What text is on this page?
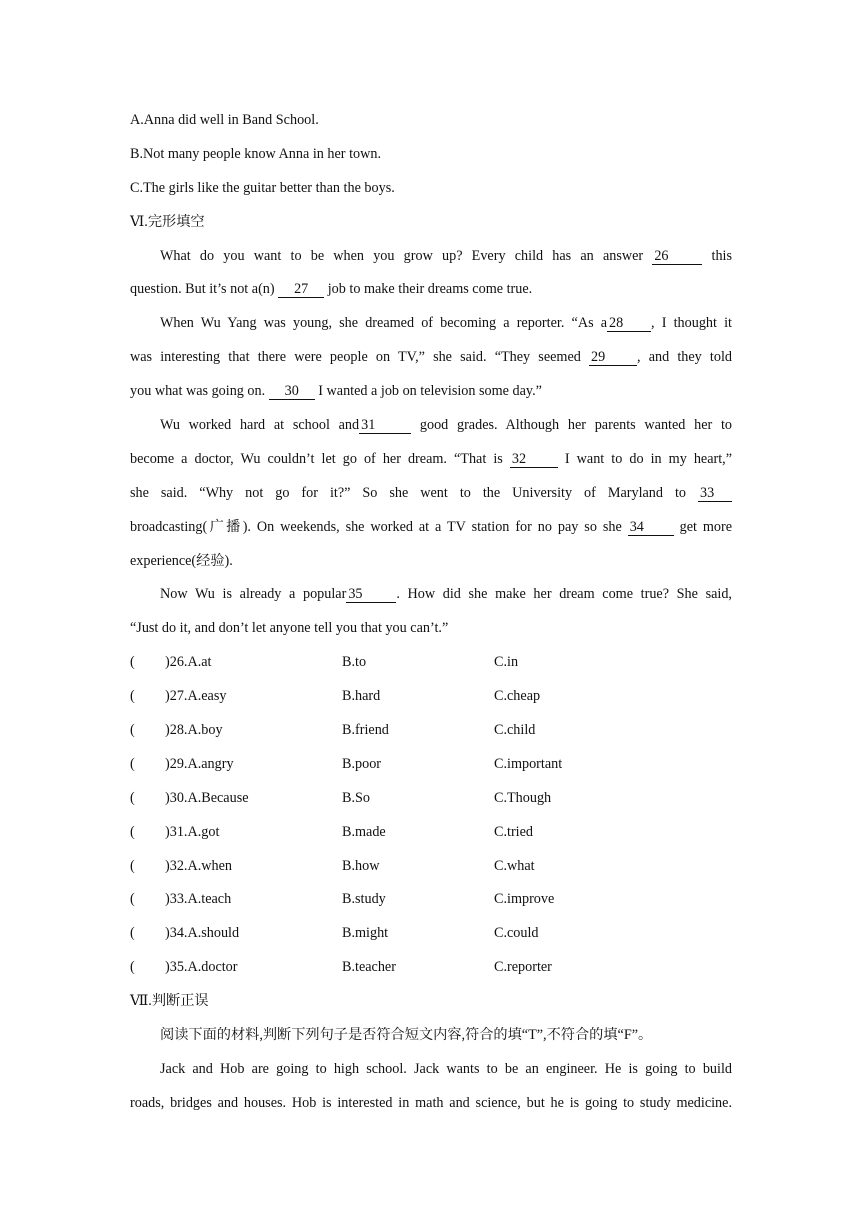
A.Anna did well in Band School.
B.Not many people know Anna in her town.
C.The girls like the guitar better than the boys.
Ⅵ.完形填空
What do you want to be when you grow up? Every child has an answer 26	this
question. But it’s not a(n) 27 job to make their dreams come true.
When Wu Yang was young, she dreamed of becoming a reporter. “As a 28 , I thought it
was interesting that there were people on TV,” she said. “They seemed 29 , and they told
you what was going on. 30 I wanted a job on television some day.”
Wu worked hard at school and 31	good grades. Although her parents wanted her to
become a doctor, Wu couldn’t let go of her dream. “That is 32	I want to do in my heart,”
she said. “Why not go for it?” So she went to the University of Maryland to 33
broadcasting(广播). On weekends, she worked at a TV station for no pay so she 34	get more
experience(经验).
Now Wu is already a popular 35 . How did she make her dream come true? She said,
“Just do it, and don’t let anyone tell you that you can’t.”
( )26.A.at	B.to	C.in
( )27.A.easy	B.hard	C.cheap
( )28.A.boy	B.friend	C.child
( )29.A.angry	B.poor	C.important
( )30.A.Because	B.So	C.Though
( )31.A.got	B.made	C.tried
( )32.A.when	B.how	C.what
( )33.A.teach	B.study	C.improve
( )34.A.should	B.might	C.could
( )35.A.doctor	B.teacher	C.reporter
Ⅶ.判断正误
阅读下面的材料,判断下列句子是否符合短文内容,符合的填“T”,不符合的填“F”。
Jack and Hob are going to high school. Jack wants to be an engineer. He is going to build
roads, bridges and houses. Hob is interested in math and science, but he is going to study medicine.
